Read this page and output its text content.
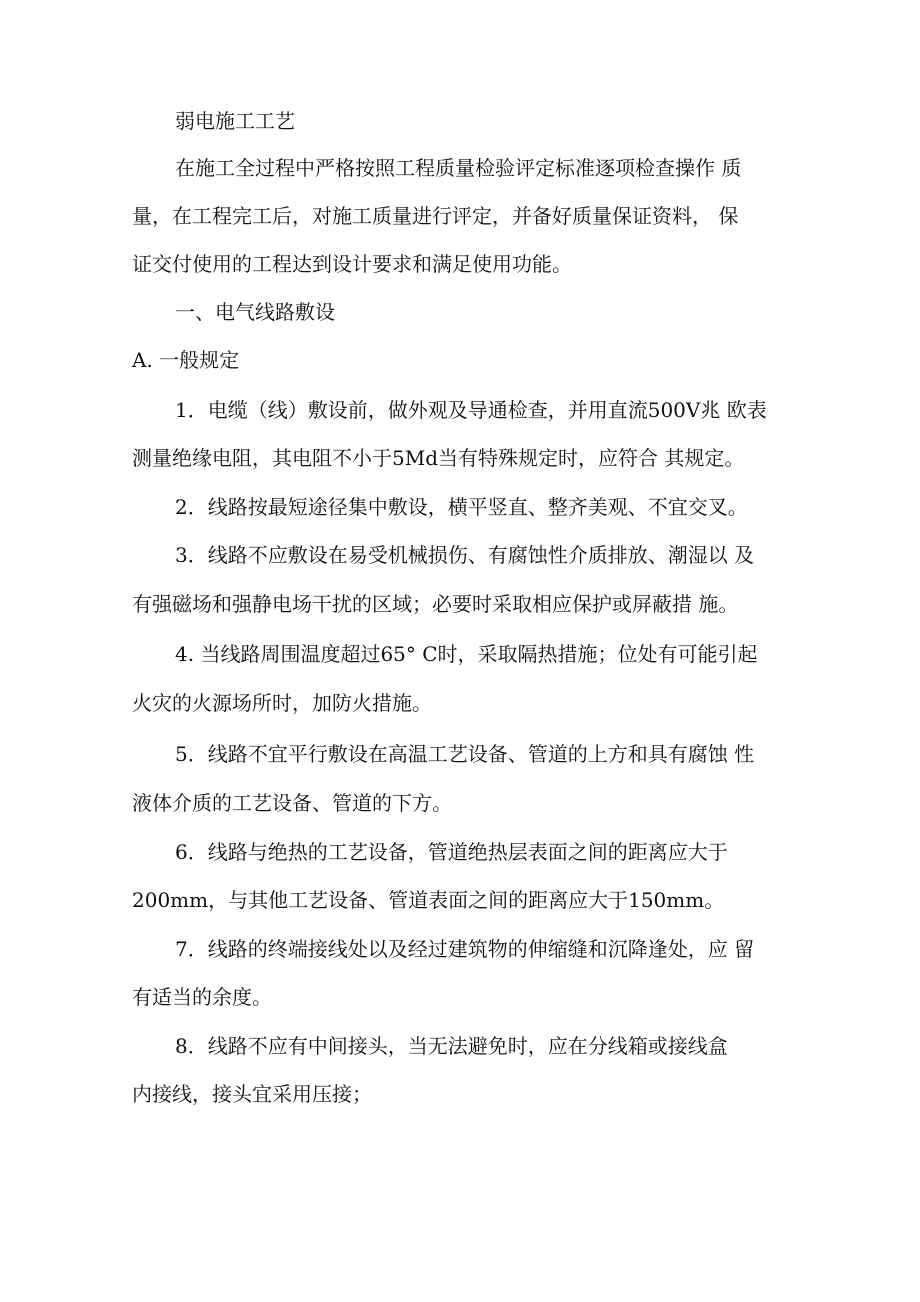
弱电施工工艺
在施工全过程中严格按照工程质量检验评定标准逐项检查操作 质
量，在工程完工后，对施工质量进行评定，并备好质量保证资料， 保
证交付使用的工程达到设计要求和满足使用功能。
一、电气线路敷设
A. 一般规定
1．电缆（线）敷设前，做外观及导通检查，并用直流500V兆 欧表
测量绝缘电阻，其电阻不小于5Md当有特殊规定时，应符合 其规定。
2．线路按最短途径集中敷设，横平竖直、整齐美观、不宜交叉。
3．线路不应敷设在易受机械损伤、有腐蚀性介质排放、潮湿以 及
有强磁场和强静电场干扰的区域；必要时采取相应保护或屏蔽措 施。
4. 当线路周围温度超过65° C时，采取隔热措施；位处有可能引起
火灾的火源场所时，加防火措施。
5．线路不宜平行敷设在高温工艺设备、管道的上方和具有腐蚀 性
液体介质的工艺设备、管道的下方。
6．线路与绝热的工艺设备，管道绝热层表面之间的距离应大于
200mm，与其他工艺设备、管道表面之间的距离应大于150mm。
7．线路的终端接线处以及经过建筑物的伸缩缝和沉降逢处，应 留
有适当的余度。
8．线路不应有中间接头，当无法避免时，应在分线箱或接线盒
内接线，接头宜采用压接；
